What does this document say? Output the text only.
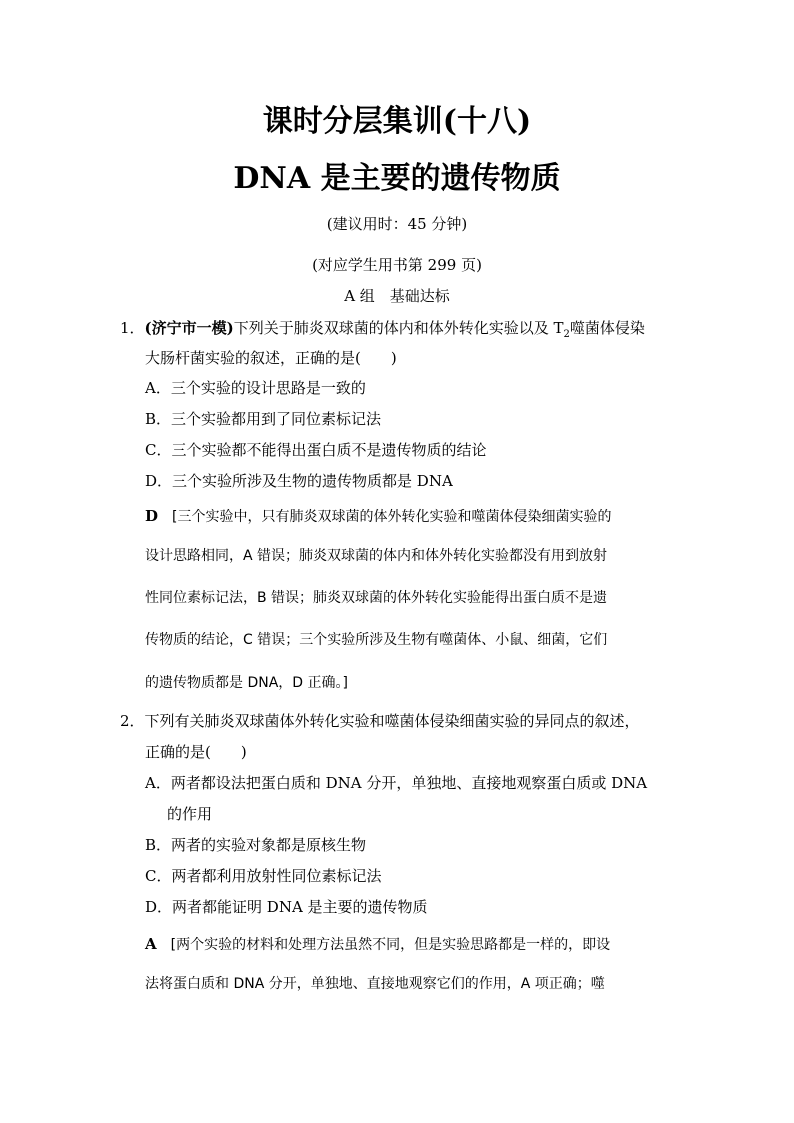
课时分层集训(十八)
DNA 是主要的遗传物质
(建议用时：45 分钟)
(对应学生用书第 299 页)
A 组　基础达标
1．(济宁市一模)下列关于肺炎双球菌的体内和体外转化实验以及 $T_2$噬菌体侵染
大肠杆菌实验的叙述，正确的是(　　)
A．三个实验的设计思路是一致的
B．三个实验都用到了同位素标记法
C．三个实验都不能得出蛋白质不是遗传物质的结论
D．三个实验所涉及生物的遗传物质都是 DNA
D　 [三个实验中，只有肺炎双球菌的体外转化实验和噬菌体侵染细菌实验的
设计思路相同，A 错误；肺炎双球菌的体内和体外转化实验都没有用到放射
性同位素标记法，B 错误；肺炎双球菌的体外转化实验能得出蛋白质不是遗
传物质的结论，C 错误；三个实验所涉及生物有噬菌体、小鼠、细菌，它们
的遗传物质都是 DNA，D 正确。]
2．下列有关肺炎双球菌体外转化实验和噬菌体侵染细菌实验的异同点的叙述，
正确的是(　　)
A．两者都设法把蛋白质和 DNA 分开，单独地、直接地观察蛋白质或 DNA
的作用
B．两者的实验对象都是原核生物
C．两者都利用放射性同位素标记法
D．两者都能证明 DNA 是主要的遗传物质
A　 [两个实验的材料和处理方法虽然不同，但是实验思路都是一样的，即设
法将蛋白质和 DNA 分开，单独地、直接地观察它们的作用，A 项正确；噬
